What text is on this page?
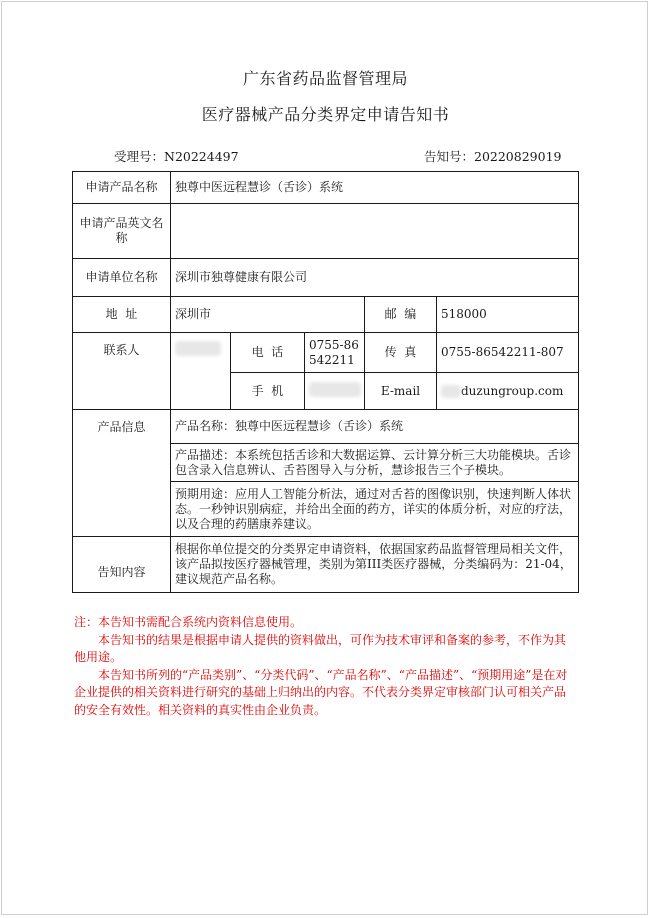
广东省药品监督管理局
医疗器械产品分类界定申请告知书
受理号：N20224497	告知号：20220829019
申请产品名称	独尊中医远程慧诊（舌诊）系统				
申请产品英文名称					
申请单位名称	深圳市独尊健康有限公司				
地  址	深圳市			邮  编	518000
联系人		电  话	0755-86542211	传  真	0755-86542211-807
		手  机		E-mail	duzungroup.com
产品信息	产品名称：独尊中医远程慧诊（舌诊）系统				
	产品描述：本系统包括舌诊和大数据运算、云计算分析三大功能模块。舌诊包含录入信息辨认、舌苔图导入与分析，慧诊报告三个子模块。				
	预期用途：应用人工智能分析法，通过对舌苔的图像识别，快速判断人体状态。一秒钟识别病症，并给出全面的药方，详实的体质分析，对应的疗法，以及合理的药膳康养建议。				
告知内容	根据你单位提交的分类界定申请资料，依据国家药品监督管理局相关文件，该产品拟按医疗器械管理，类别为第III类医疗器械，分类编码为：21-04，建议规范产品名称。				

注：本告知书需配合系统内资料信息使用。

本告知书的结果是根据申请人提供的资料做出，可作为技术审评和备案的参考，不作为其他用途。

本告知书所列的“产品类别”、“分类代码”、“产品名称”、“产品描述”、“预期用途”是在对企业提供的相关资料进行研究的基础上归纳出的内容。不代表分类界定审核部门认可相关产品的安全有效性。相关资料的真实性由企业负责。
